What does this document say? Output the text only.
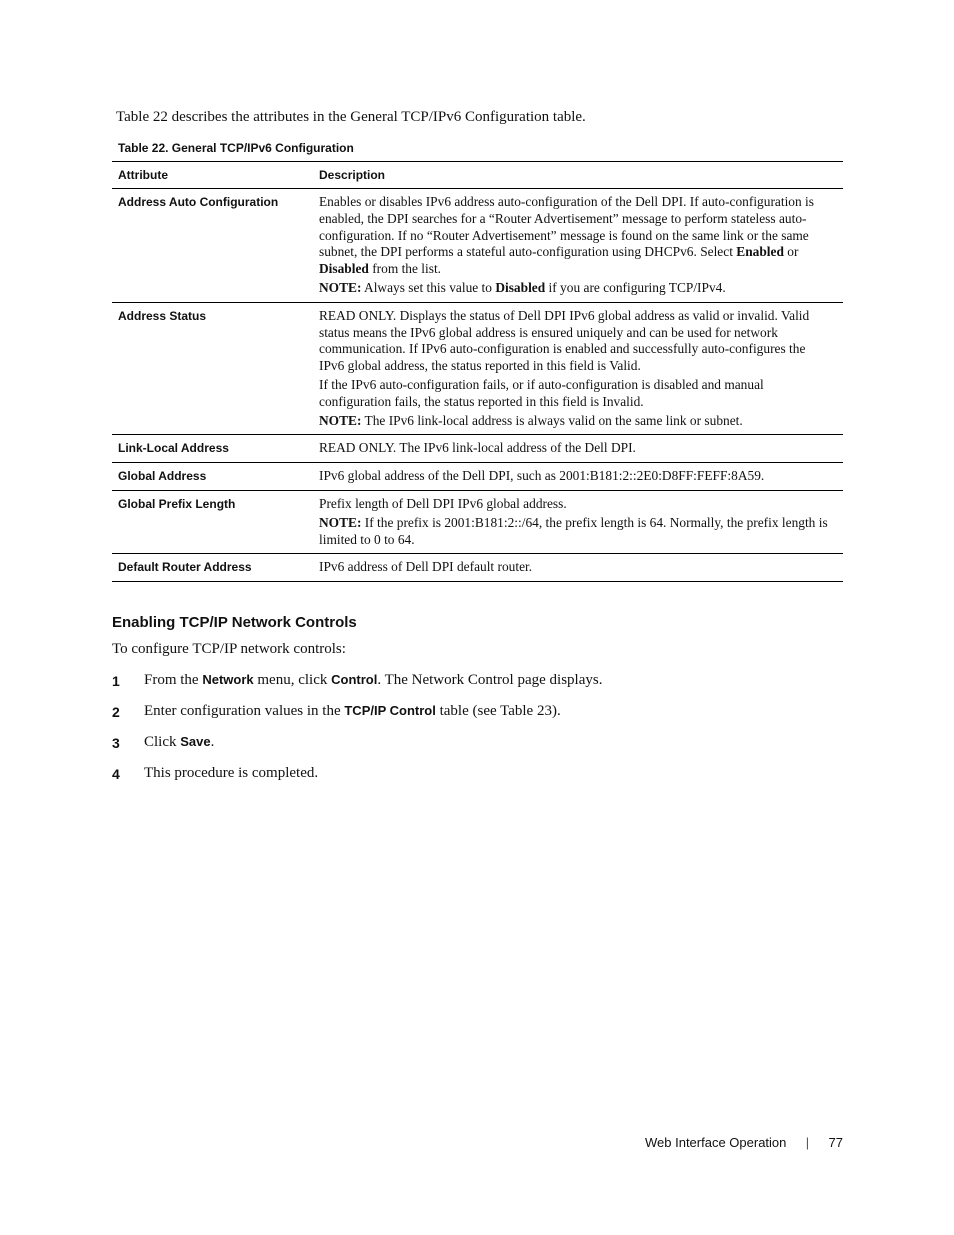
Table 22 describes the attributes in the General TCP/IPv6 Configuration table.
Table 22. General TCP/IPv6 Configuration
Attribute	Description
Address Auto Configuration	Enables or disables IPv6 address auto-configuration of the Dell DPI. If auto-configuration is enabled, the DPI searches for a “Router Advertisement” message to perform stateless auto-configuration. If no “Router Advertisement” message is found on the same link or the same subnet, the DPI performs a stateful auto-configuration using DHCPv6. Select Enabled or Disabled from the list.

NOTE: Always set this value to Disabled if you are configuring TCP/IPv4.

Address Status	READ ONLY. Displays the status of Dell DPI IPv6 global address as valid or invalid. Valid status means the IPv6 global address is ensured uniquely and can be used for network communication. If IPv6 auto-configuration is enabled and successfully auto-configures the IPv6 global address, the status reported in this field is Valid.

If the IPv6 auto-configuration fails, or if auto-configuration is disabled and manual configuration fails, the status reported in this field is Invalid.

NOTE: The IPv6 link-local address is always valid on the same link or subnet.

Link-Local Address	READ ONLY. The IPv6 link-local address of the Dell DPI.

Global Address	IPv6 global address of the Dell DPI, such as 2001:B181:2::2E0:D8FF:FEFF:8A59.

Global Prefix Length	Prefix length of Dell DPI IPv6 global address.

NOTE: If the prefix is 2001:B181:2::/64, the prefix length is 64. Normally, the prefix length is limited to 0 to 64.

Default Router Address	IPv6 address of Dell DPI default router.

Enabling TCP/IP Network Controls
To configure TCP/IP network controls:
1	From the Network menu, click Control. The Network Control page displays.
2	Enter configuration values in the TCP/IP Control table (see Table 23).
3	Click Save.
4	This procedure is completed.
Web Interface Operation | 77
